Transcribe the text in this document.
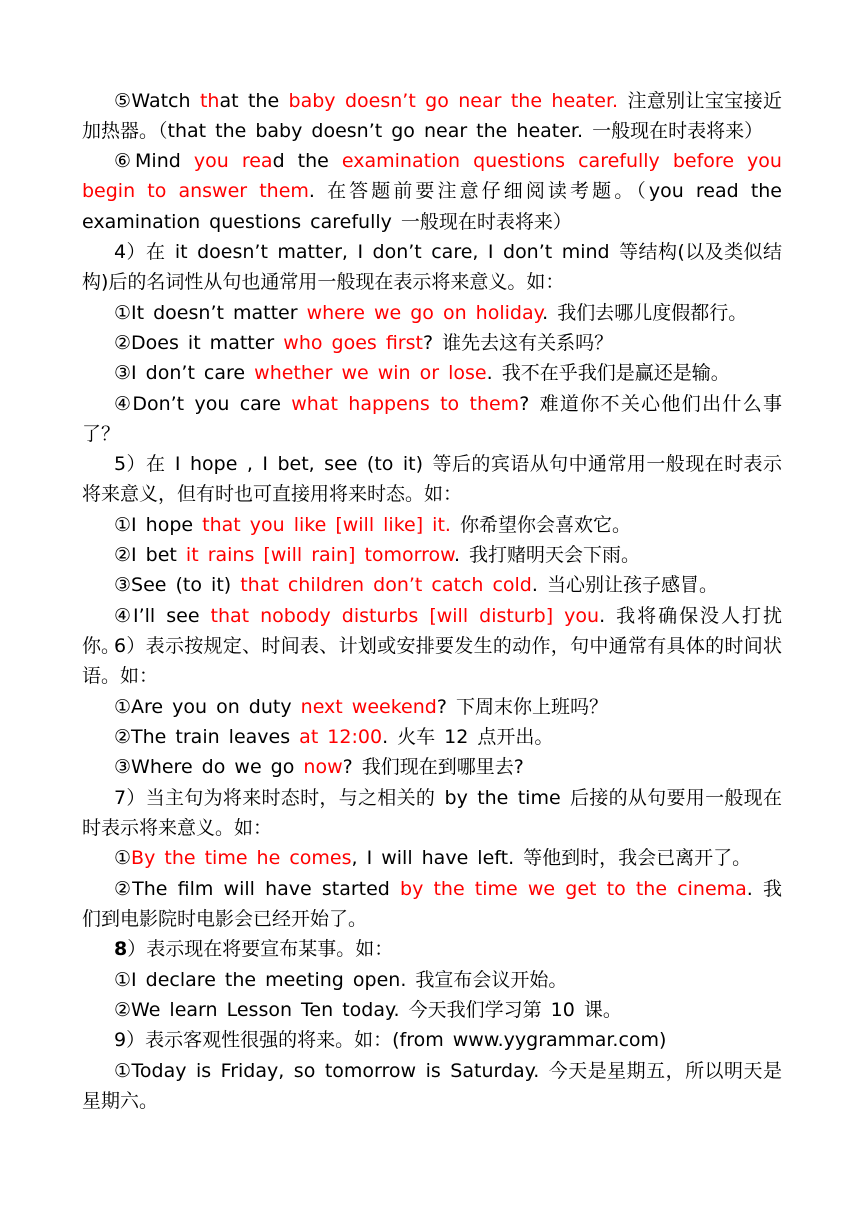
⑤Watch that the baby doesn’t go near the heater. 注意别让宝宝接近加热器。（that the baby doesn’t go near the heater. 一般现在时表将来）
⑥Mind you read the examination questions carefully before you begin to answer them. 在答题前要注意仔细阅读考题。（you read the examination questions carefully 一般现在时表将来）
4）在 it doesn’t matter, I don’t care, I don’t mind 等结构(以及类似结构)后的名词性从句也通常用一般现在表示将来意义。如：
①It doesn’t matter where we go on holiday. 我们去哪儿度假都行。
②Does it matter who goes first? 谁先去这有关系吗？
③I don’t care whether we win or lose. 我不在乎我们是赢还是输。
④Don’t you care what happens to them? 难道你不关心他们出什么事了？
5）在 I hope , I bet, see (to it) 等后的宾语从句中通常用一般现在时表示将来意义，但有时也可直接用将来时态。如：
①I hope that you like [will like] it. 你希望你会喜欢它。
②I bet it rains [will rain] tomorrow. 我打赌明天会下雨。
③See (to it) that children don’t catch cold. 当心别让孩子感冒。
④I’ll see that nobody disturbs [will disturb] you. 我将确保没人打扰你。
6）表示按规定、时间表、计划或安排要发生的动作，句中通常有具体的时间状语。如：
①Are you on duty next weekend? 下周末你上班吗？
②The train leaves at 12:00. 火车 12 点开出。
③Where do we go now? 我们现在到哪里去?
7）当主句为将来时态时，与之相关的 by the time 后接的从句要用一般现在时表示将来意义。如：
①By the time he comes, I will have left. 等他到时，我会已离开了。
②The film will have started by the time we get to the cinema. 我们到电影院时电影会已经开始了。
8）表示现在将要宣布某事。如：
①I declare the meeting open. 我宣布会议开始。
②We learn Lesson Ten today. 今天我们学习第 10 课。
9）表示客观性很强的将来。如：(from www.yygrammar.com)
①Today is Friday, so tomorrow is Saturday. 今天是星期五，所以明天是星期六。
